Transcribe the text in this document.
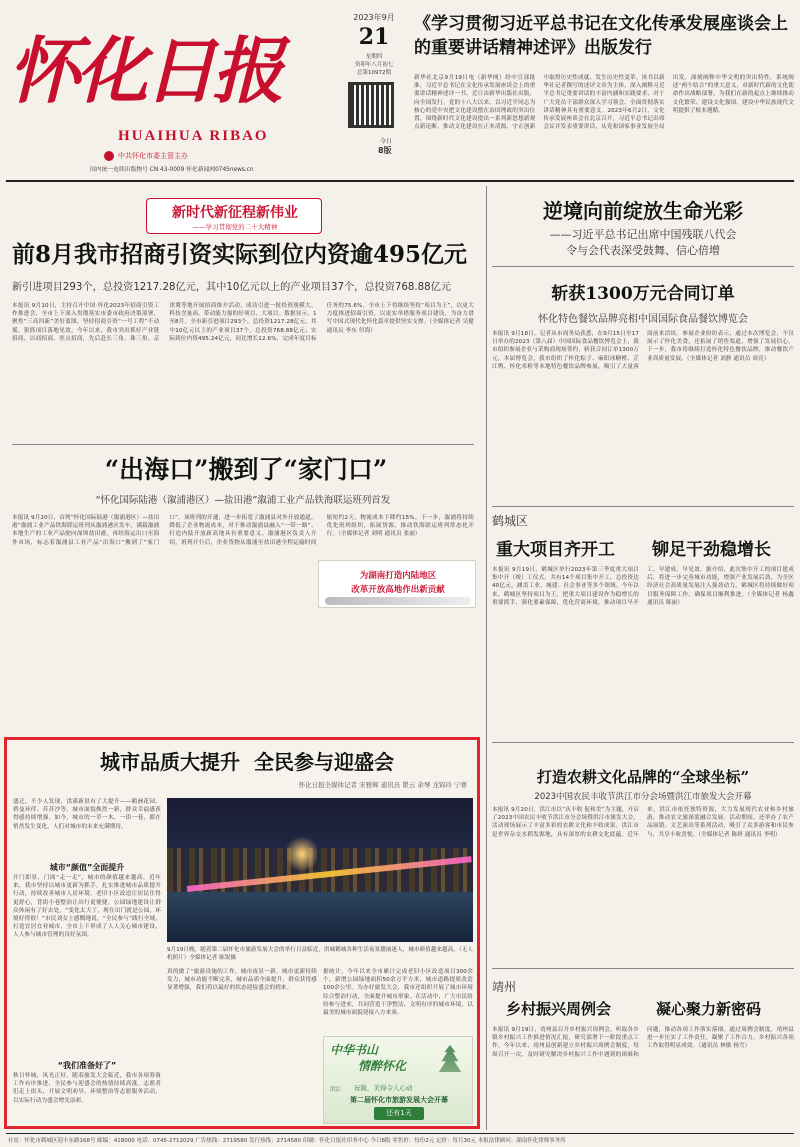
怀化日报
HUAIHUA RIBAO
中共怀化市委主管主办
国内统一连续出版物号 CN 43-0009 怀化新闻网0745news.cn
2023年9月
21
星期四
癸卯年八月初七
总第10972期
今日
8版
《学习贯彻习近平总书记在文化传承发展座谈会上的重要讲话精神述评》出版发行
新华社北京9月19日电（新华网）经中宣部批准，习近平总书记在文化传承发展座谈会上的重要讲话精神述评一书，近日由新华出版社出版，向全国发行。党的十八大以来，以习近平同志为核心的党中央把文化建设摆在治国理政的突出位置，围绕新时代文化建设提出一系列新思想新观点新论断，推动文化建设在正本清源、守正创新中取得历史性成就、发生历史性变革。该书以新华社记者撰写的述评文章为主体，深入阐释习近平总书记重要讲话的丰富内涵和实践要求，对于广大党员干部群众深入学习领会、全面贯彻落实讲话精神具有重要意义。2023年6月2日，文化传承发展座谈会在北京召开，习近平总书记出席会议并发表重要讲话，从党和国家事业发展全局出发，深刻阐释中华文明的突出特性，系统阐述“两个结合”的重大意义，对新时代新的文化使命作出战略部署，为我们在新的起点上继续推动文化繁荣、建设文化强国、建设中华民族现代文明提供了根本遵循。
新时代新征程新伟业
——学习贯彻党的二十大精神
前8月我市招商引资实际到位内资逾495亿元
新引进项目293个，总投资1217.28亿元，其中10亿元以上的产业项目37个，总投资768.88亿元
本报讯 9月10日，主持召开中国·怀化2023年招商引资工作推进会，全市上下深入贯彻落实市委市政府决策部署，聚焦“三高四新”美好蓝图，坚持招商引资“一号工程”不动摇，狠抓项目落地见效。今年以来，我市突出抓好产业链招商、以商招商、驻点招商，先后赴长三角、珠三角、京津冀等地开展招商推介活动，成功引进一批投资规模大、科技含量高、带动能力强的好项目、大项目。数据显示，1至8月，全市新引进项目293个，总投资1217.28亿元，其中10亿元以上的产业项目37个，总投资768.88亿元；实际到位内资495.24亿元，同比增长12.6%，完成年度目标任务的75.6%。全市上下将继续坚持“项目为王”，以更大力度推进招商引资，以更实举措服务项目建设，为奋力谱写中国式现代化怀化篇章提供坚实支撑。（全媒体记者 吴健 通讯员 李东 付海）
“出海口”搬到了“家门口”
“怀化国际陆港（溆浦港区）—盐田港”溆浦工业产品铁海联运班列首发
本报讯 9月20日，首列“怀化国际陆港（溆浦港区）—盐田港”溆浦工业产品铁海联运班列从溆浦港区发车，满载溆浦本地生产的工业产品驶向深圳盐田港，再经海运出口至海外市场，标志着溆浦县工业产品“出海口”搬到了“家门口”。该班列的开通，进一步拓宽了溆浦县对外开放通道，降低了企业物流成本，对于推动溆浦县融入“一带一路”、打造内陆开放新高地具有重要意义。溆浦港区负责人介绍，班列开行后，企业货物从溆浦至盐田港全程运输时间缩短约2天，物流成本下降约15%。下一步，溆浦将持续优化班列组织，拓展货源，推动铁海联运班列常态化开行。（全媒体记者 刘明 通讯员 张丽）
为湖南打造内陆地区
改革开放高地作出新贡献
城市品质大提升  全民参与迎盛会
怀化日报全媒体记者 宋雅辉 通讯员 瞿云 余琴 龙锦玲 宁赛
盛迁，不少人发现，洪溪新晨有了大提升——鹤洲花园、碧曼环伴、苏苏沙等，城市面貌焕然一新，群众幸福感获得感持续增强。如今，城市的一草一木、一街一巷，都在悄然发生变化，人们对城市的未来充满期待。
城市“颜值”全面提升
开门即景，门面“走一走”，城市的颜值越来越高。近年来，我市坚持以城市更新为抓手，扎实推进城市品质提升行动，持续改善城市人居环境。老旧小区改造让居民住得更舒心，背街小巷整治让出行更便捷，公园绿地建设让群众休闲有了好去处。“变化太大了，现在出门就是公园，环境好得很！”市民刘女士感慨地说。“全民参与”践行全域，打造宜居宜业城市，全市上下形成了人人关心城市建设、人人参与城市管理的良好氛围。
“我们准备好了”
秋日怀城，风光正好。随着旅发大会临近，我市各项筹备工作有序推进，全民参与迎盛会的热情持续高涨。志愿者们走上街头，开展文明劝导、环境整治等志愿服务活动，以实际行动为盛会增光添彩。
9月19日晚，随着第二届怀化市旅游发展大会的举行日益临近，洪城鹤城各种生活夜景靓丽迷人，城市颜值越来越高。（无人机照片）全媒体记者 陈锐摄
真的做了“旅游设施的工作，城市夜景一新。城市更新持续发力，城市功能不断完善，城市品质全面提升，群众获得感显著增强，我们将以最好的状态迎接盛会的到来。
据统计，今年以来全市累计完成老旧小区改造项目300余个，新增公园绿地面积50余万平方米，城市道路提质改造100余公里。为办好旅发大会，我市还组织开展了城市环境综合整治行动，全面提升城市形象。在活动中，广大市民纷纷参与进来，共同营造干净整洁、文明有序的城市环境，以最美的城市面貌迎接八方来客。
中华书山
情醉怀化
洪江 玩陇，美得令人心动
第二届怀化市旅游发展大会开幕
还有1天
逆境向前绽放生命光彩
——习近平总书记出席中国残联八代会
令与会代表深受鼓舞、信心倍增
斩获1300万元合同订单
怀化特色餐饮品牌亮相中国国际食品餐饮博览会
本报讯 9月18日，记者从市商务局获悉，在9月15日至17日举办的2023（第八届）中国国际食品餐饮博览会上，我市组织参展企业与采购商现场签约，斩获合同订单1300万元。本届博览会，我市组织了怀化粽子、麻阳冰糖橙、芷江鸭、怀化米粉等本地特色餐饮品牌参展，吸引了大量客商前来洽谈。参展企业纷纷表示，通过本次博览会，不仅展示了怀化美食，还拓展了销售渠道，增强了发展信心。下一步，我市将继续打造怀化特色餐饮品牌，推动餐饮产业高质量发展。（全媒体记者 刘静 通讯员 周亮）
鹤城区
重大项目齐开工	铆足干劲稳增长
本报讯 9月19日，鹤城区举行2023年第三季度重大项目集中开（竣）工仪式，共有14个项目集中开工，总投资达40亿元，涵盖工业、城建、社会事业等多个领域。今年以来，鹤城区坚持项目为王，把重大项目建设作为稳增长的重要抓手，强化要素保障，优化营商环境，推动项目早开工、早建成、早见效。据介绍，此次集中开工的项目建成后，将进一步完善城市功能，增强产业发展后劲，为全区经济社会高质量发展注入强劲动力。鹤城区将持续做好项目服务保障工作，确保项目顺利推进。（全媒体记者 杨鑫 通讯员 陈丽）
打造农耕文化品牌的“全球坐标”
2023中国农民丰收节洪江市分会场暨洪江市旅发大会开幕
本报讯 9月20日，洪江市以“庆丰收 促和美”为主题，开启了2023中国农民丰收节洪江市分会场暨洪江市旅发大会，活动现场展示了丰富多彩的农耕文化和丰收成果。洪江市是世界杂交水稻发源地，具有深厚的农耕文化底蕴。近年来，洪江市依托独特资源，大力发展现代农业和乡村旅游，推动农文旅深度融合发展。活动期间，还举办了农产品展销、文艺演出等系列活动，吸引了众多游客和市民参与，共享丰收喜悦。（全媒体记者 陈妍 通讯员 李明）
靖州
乡村振兴周例会	凝心聚力新密码
本报讯 9月19日，靖州县召开乡村振兴周例会，听取各乡镇乡村振兴工作推进情况汇报，研究部署下一阶段重点工作。今年以来，靖州县创新建立乡村振兴周例会制度，每周召开一次，及时研究解决乡村振兴工作中遇到的困难和问题，推动各项工作落实落细。通过周例会制度，靖州县进一步压实了工作责任，凝聚了工作合力，乡村振兴各项工作取得明显成效。（通讯员 林敏 杨雪）
社址：怀化市鹤城区迎丰东路168号 邮编：418000 电话：0745-2712029 广告热线：2719580 发行热线：2714580 印刷：怀化日报社印务中心 今日8版 零售价：每份2元 定价：每月30元 本报法律顾问：湖南怀化律师事务所
